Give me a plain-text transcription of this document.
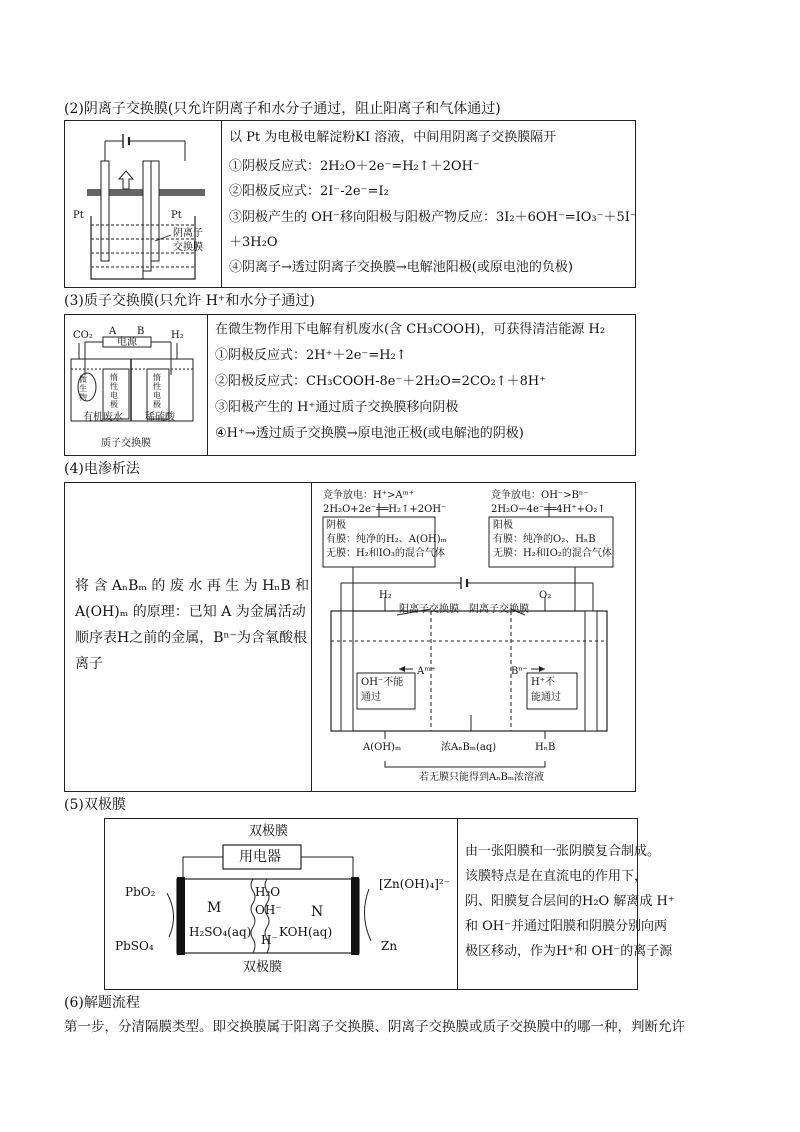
(2)阴离子交换膜(只允许阴离子和水分子通过，阻止阳离子和气体通过)
Pt	Pt
阴离子
交换膜
以 Pt 为电极电解淀粉KI 溶液，中间用阴离子交换膜隔开
①阴极反应式：2H₂O＋2e⁻=H₂↑＋2OH⁻
②阳极反应式：2I⁻-2e⁻=I₂
③阴极产生的 OH⁻移向阳极与阳极产物反应：3I₂＋6OH⁻=IO₃⁻＋5I⁻
＋3H₂O
④阴离子→透过阴离子交换膜→电解池阳极(或原电池的负极)
(3)质子交换膜(只允许 H⁺和水分子通过)
CO₂	H₂
A B
电源
微生物
惰性电极
惰性电极
有机废水 稀硫酸
质子交换膜
在微生物作用下电解有机废水(含 CH₃COOH)，可获得清洁能源 H₂
①阴极反应式：2H⁺＋2e⁻=H₂↑
②阳极反应式：CH₃COOH-8e⁻＋2H₂O=2CO₂↑＋8H⁺
③阳极产生的 H⁺通过质子交换膜移向阴极
④H⁺→透过质子交换膜→原电池正极(或电解池的阴极)
(4)电渗析法
将 含 AₙBₘ 的 废 水 再 生 为 HₙB 和
A(OH)ₘ 的原理：已知 A 为金属活动
顺序表H之前的金属，Bⁿ⁻为含氧酸根
离子
竞争放电：H⁺>Aᵐ⁺
2H₂O+2e⁻══H₂↑+2OH⁻
竞争放电：OH⁻>Bⁿ⁻
2H₂O−4e⁻══4H⁺+O₂↑
阴极
有膜：纯净的H₂、A(OH)ₘ
无膜：H₂和IO₃的混合气体
阳极
有膜：纯净的O₂、HₙB
无膜：H₂和IO₂的混合气体
H₂	O₂
阳离子交换膜 阴离子交换膜
Aᵐ⁺	Bⁿ⁻
OH⁻不能
通过
H⁺不
能通过
A(OH)ₘ	浓AₙBₘ(aq)	HₙB
若无膜只能得到AₙBₘ浓溶液
(5)双极膜
双极膜
用电器
PbO₂
PbSO₄
M	N
H₂O
OH⁻
H⁻
H₂SO₄(aq) KOH(aq)
[Zn(OH)₄]²⁻
Zn
双极膜
由一张阳膜和一张阴膜复合制成。
该膜特点是在直流电的作用下，
阴、阳膜复合层间的H₂O 解离成 H⁺
和 OH⁻并通过阳膜和阴膜分别向两
极区移动，作为H⁺和 OH⁻的离子源
(6)解题流程
第一步，分清隔膜类型。即交换膜属于阳离子交换膜、阴离子交换膜或质子交换膜中的哪一种，判断允许
